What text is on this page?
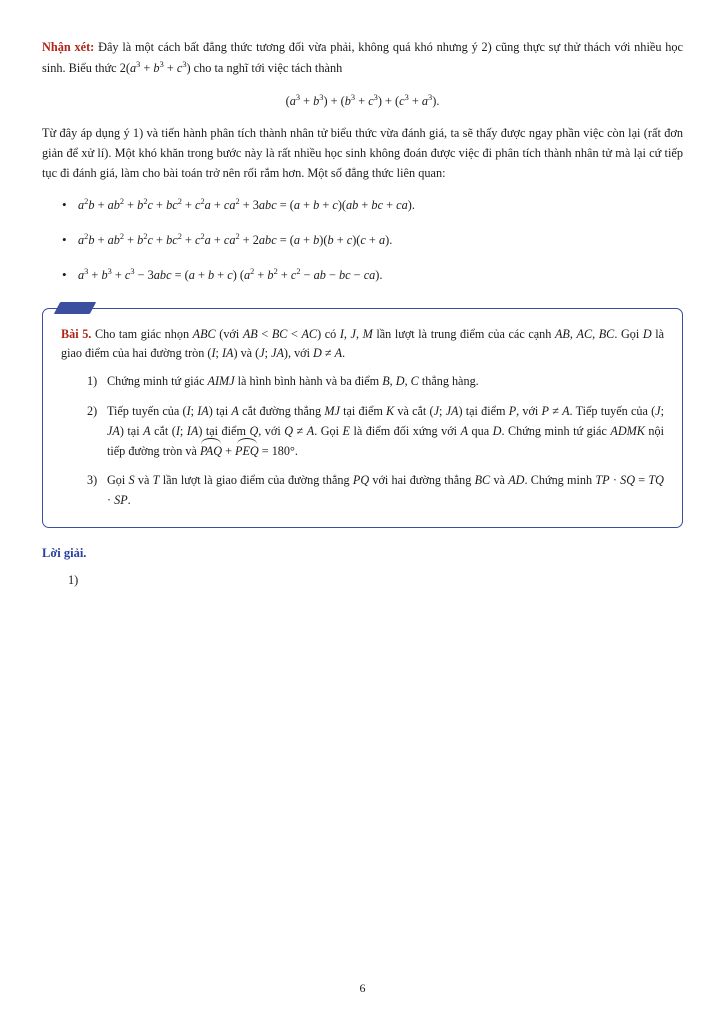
Nhận xét: Đây là một cách bất đẳng thức tương đối vừa phải, không quá khó nhưng ý 2) cũng thực sự thử thách với nhiều học sinh. Biểu thức $2(a^3 + b^3 + c^3)$ cho ta nghĩ tới việc tách thành

$(a^3 + b^3) + (b^3 + c^3) + (c^3 + a^3)$.

Từ đây áp dụng ý 1) và tiến hành phân tích thành nhân tử biểu thức vừa đánh giá, ta sẽ thấy được ngay phần việc còn lại (rất đơn giản để xử lí). Một khó khăn trong bước này là rất nhiều học sinh không đoán được việc đi phân tích thành nhân tử mà lại cứ tiếp tục đi đánh giá, làm cho bài toán trở nên rối rắm hơn. Một số đẳng thức liên quan:

• $a^2b + ab^2 + b^2c + bc^2 + c^2a + ca^2 + 3abc = (a + b + c)(ab$ + bc + ca).
• $a^2b + ab^2 + b^2c + bc^2 + c^2a + ca^2 + 2abc = (a + b)(b + c)(c + a)$.
• $a^3 + b^3 + c^3 - 3abc = (a + b + c) (a^2 + b^2 + c^2$ − ab − bc − ca).

Bài 5. Cho tam giác nhọn ABC (với AB < BC < AC) có I, J, M lần lượt là trung điểm của các cạnh AB, AC, BC. Gọi D là giao điểm của hai đường tròn (I; IA) và (J; JA), với D ≠ A.

Chứng minh tứ giác AIMJ là hình bình hành và ba điểm B, D, C thẳng hàng.
Tiếp tuyến của (I; IA) tại A cắt đường thẳng MJ tại điểm K và cắt (J; JA) tại điểm P, với P ≠ A. Tiếp tuyến của (J; JA) tại A cắt (I; IA) tại điểm Q, với Q ≠ A. Gọi E là điểm đối xứng với A qua D. Chứng minh tứ giác ADMK nội tiếp đường tròn và PAQ + PEQ = 180°.
Gọi S và T lần lượt là giao điểm của đường thẳng PQ với hai đường thẳng BC và AD. Chứng minh TP · SQ = TQ · SP.
Lời giải.
1)
6
